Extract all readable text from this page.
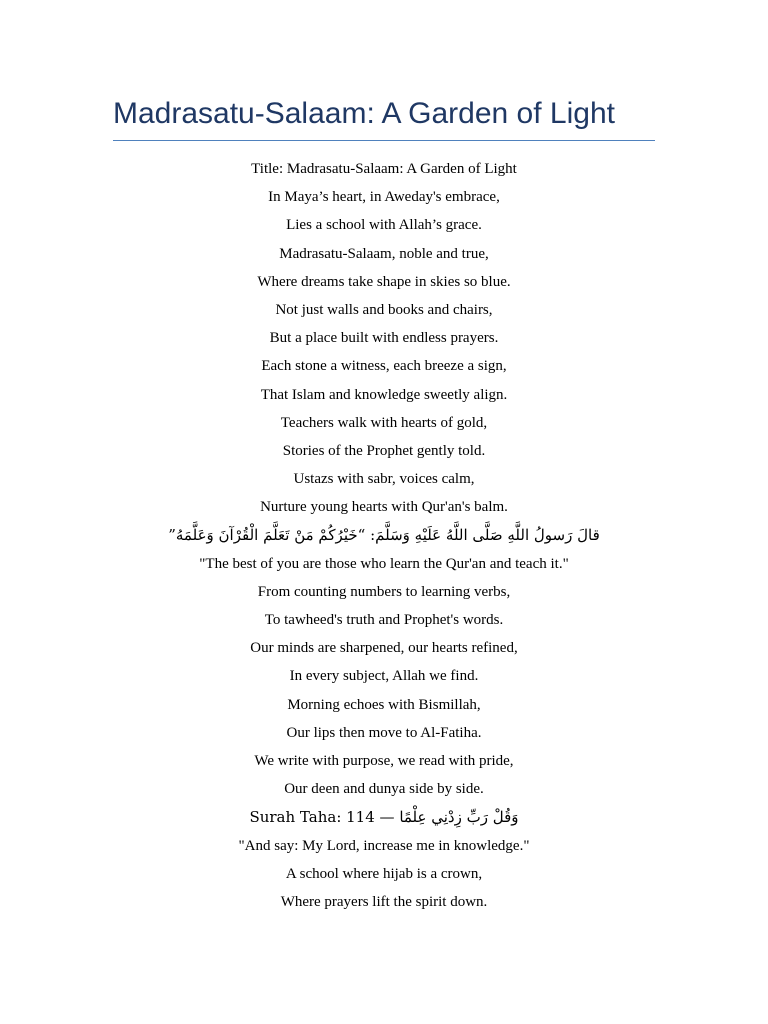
Madrasatu-Salaam: A Garden of Light
Title: Madrasatu-Salaam: A Garden of Light
In Maya’s heart, in Aweday's embrace,
Lies a school with Allah’s grace.
Madrasatu-Salaam, noble and true,
Where dreams take shape in skies so blue.
Not just walls and books and chairs,
But a place built with endless prayers.
Each stone a witness, each breeze a sign,
That Islam and knowledge sweetly align.
Teachers walk with hearts of gold,
Stories of the Prophet gently told.
Ustazs with sabr, voices calm,
Nurture young hearts with Qur'an's balm.
قالَ رَسولُ اللَّهِ صَلَّى اللَّهُ عَلَيْهِ وَسَلَّمَ: “خَيْرُكُمْ مَنْ تَعَلَّمَ الْقُرْآنَ وَعَلَّمَهُ”
"The best of you are those who learn the Qur'an and teach it."
From counting numbers to learning verbs,
To tawheed's truth and Prophet's words.
Our minds are sharpened, our hearts refined,
In every subject, Allah we find.
Morning echoes with Bismillah,
Our lips then move to Al-Fatiha.
We write with purpose, we read with pride,
Our deen and dunya side by side.
وَقُلْ رَبِّ زِدْنِي عِلْمًا — Surah Taha: 114
"And say: My Lord, increase me in knowledge."
A school where hijab is a crown,
Where prayers lift the spirit down.
